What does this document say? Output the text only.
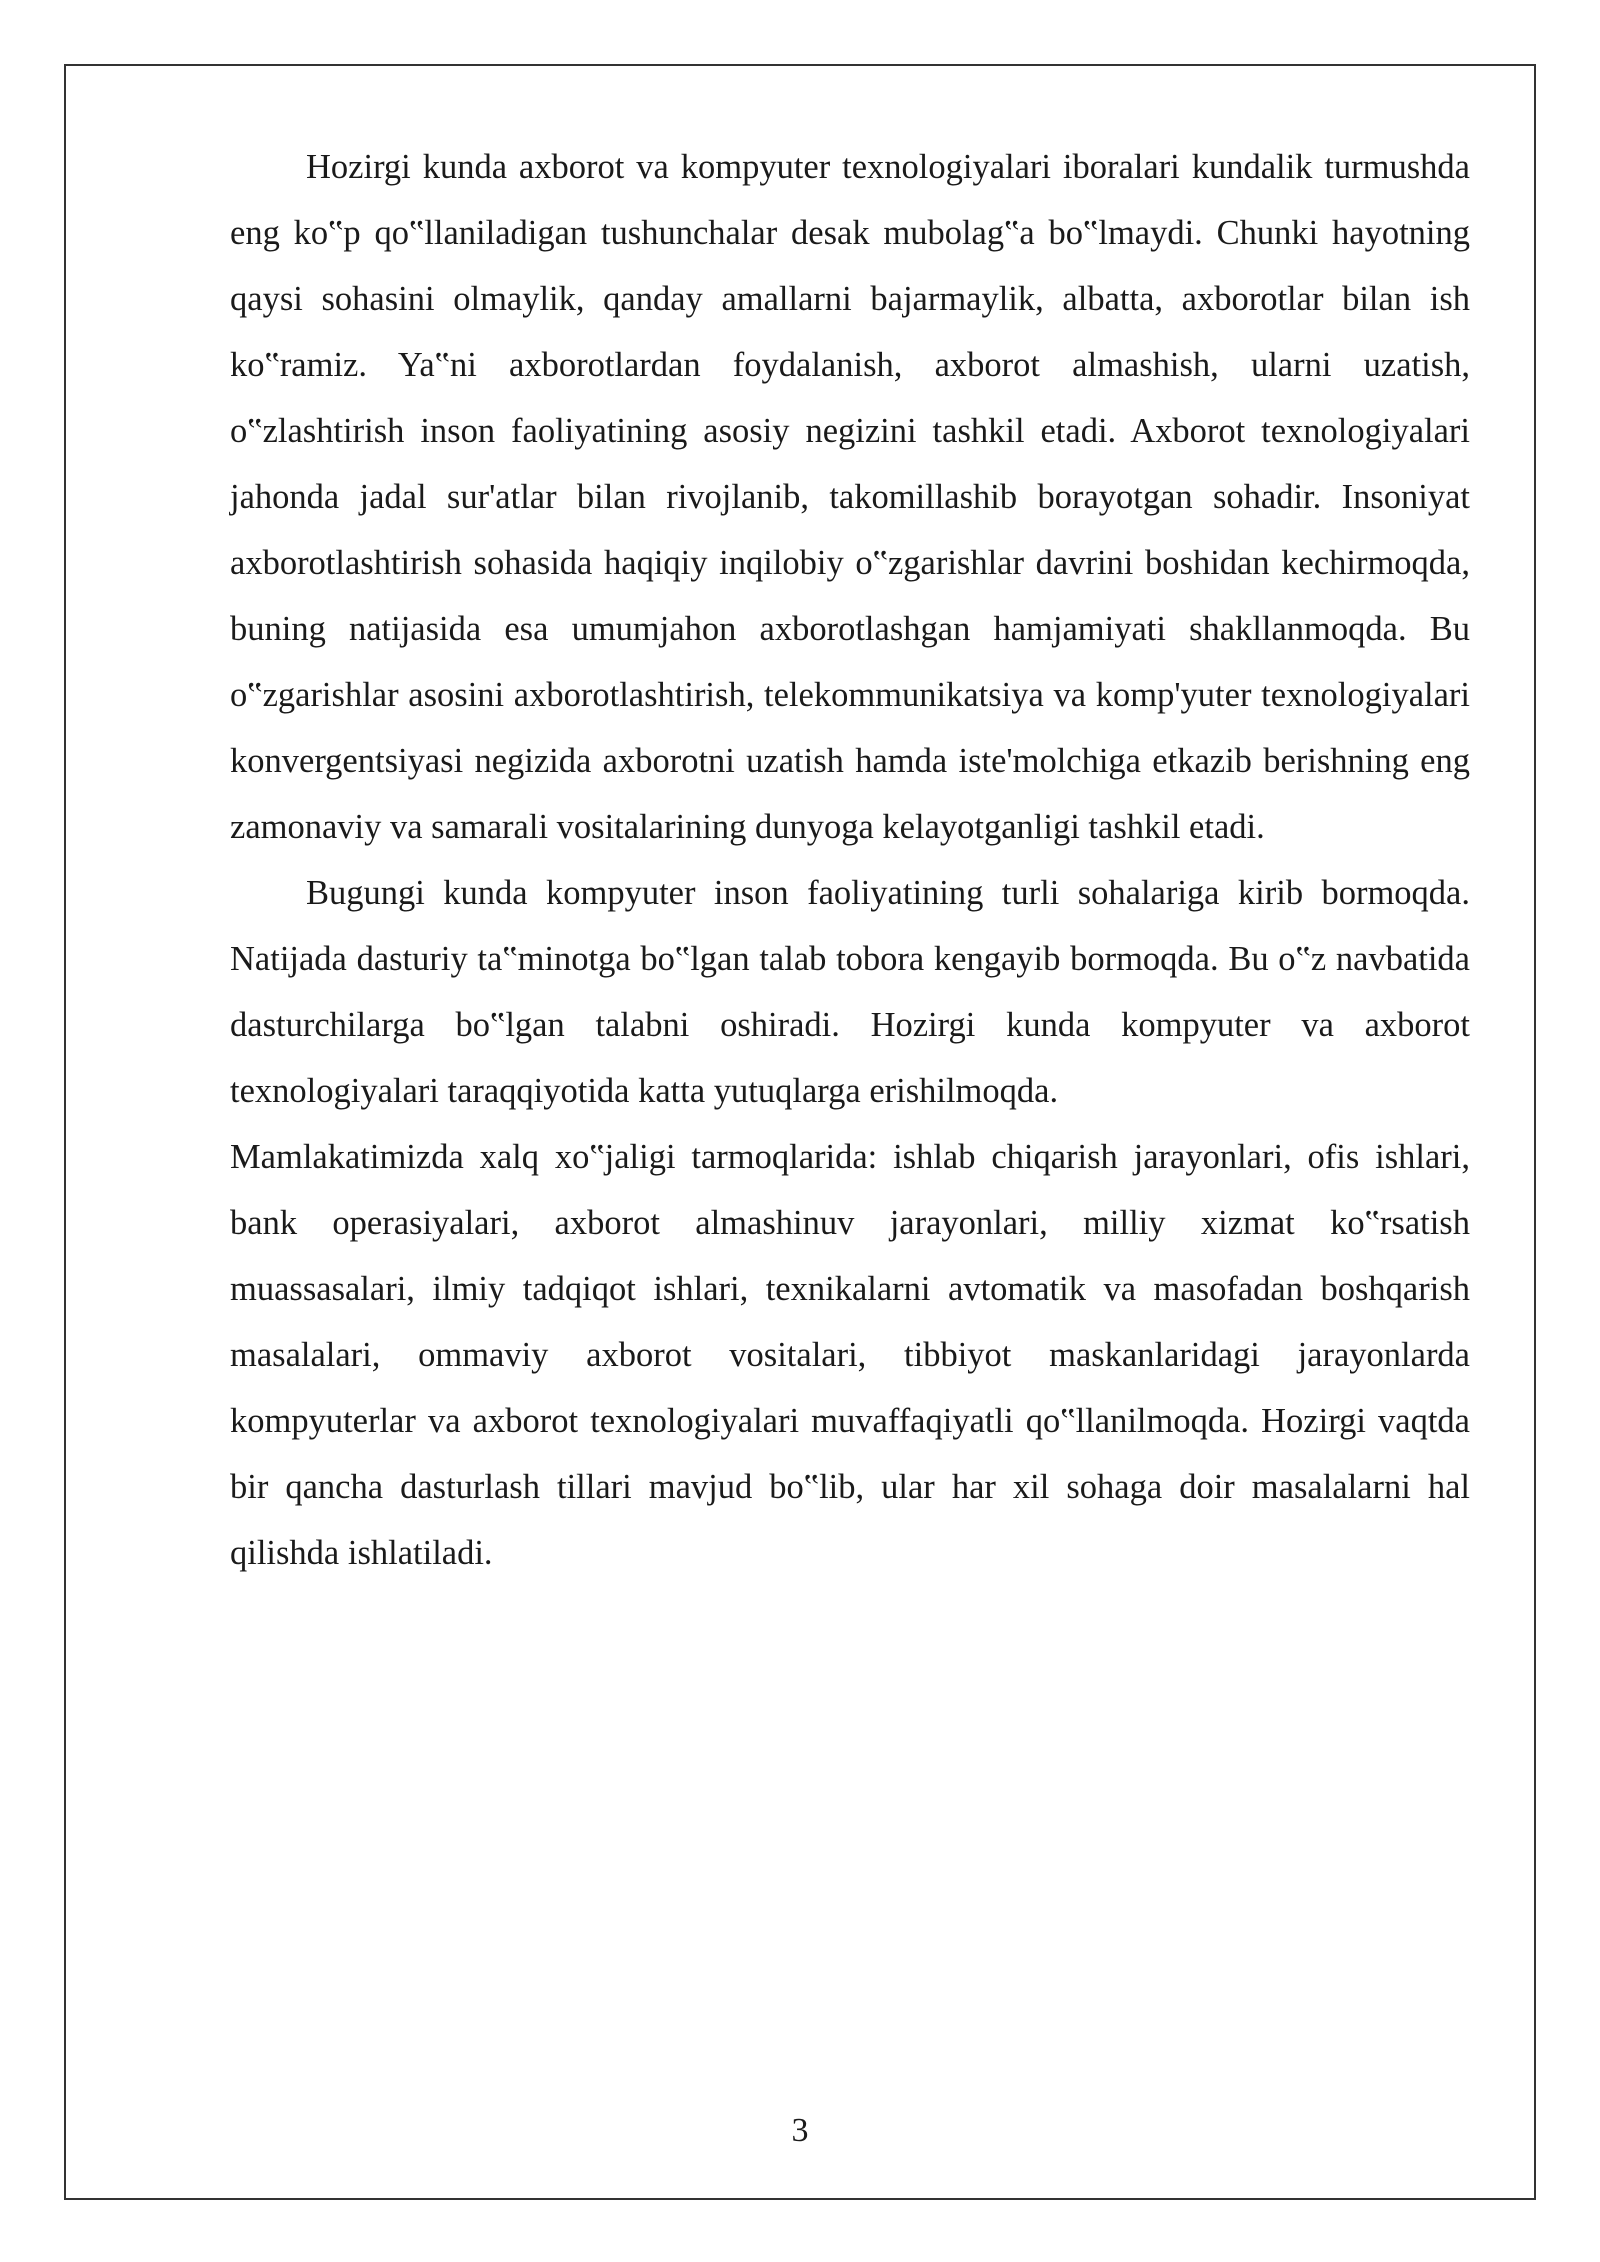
Hozirgi kunda axborot va kompyuter texnologiyalari iboralari kundalik turmushda eng ko‟p qo‟llaniladigan tushunchalar desak mubolag‟a bo‟lmaydi. Chunki hayotning qaysi sohasini olmaylik, qanday amallarni bajarmaylik, albatta, axborotlar bilan ish ko‟ramiz. Ya‟ni axborotlardan foydalanish, axborot almashish, ularni uzatish, o‟zlashtirish inson faoliyatining asosiy negizini tashkil etadi. Axborot texnologiyalari jahonda jadal sur'atlar bilan rivojlanib, takomillashib borayotgan sohadir. Insoniyat axborotlashtirish sohasida haqiqiy inqilobiy o‟zgarishlar davrini boshidan kechirmoqda, buning natijasida esa umumjahon axborotlashgan hamjamiyati shakllanmoqda. Bu o‟zgarishlar asosini axborotlashtirish, telekommunikatsiya va komp'yuter texnologiyalari konvergentsiyasi negizida axborotni uzatish hamda iste'molchiga etkazib berishning eng zamonaviy va samarali vositalarining dunyoga kelayotganligi tashkil etadi.

Bugungi kunda kompyuter inson faoliyatining turli sohalariga kirib bormoqda. Natijada dasturiy ta‟minotga bo‟lgan talab tobora kengayib bormoqda. Bu o‟z navbatida dasturchilarga bo‟lgan talabni oshiradi. Hozirgi kunda kompyuter va axborot texnologiyalari taraqqiyotida katta yutuqlarga erishilmoqda.

Mamlakatimizda xalq xo‟jaligi tarmoqlarida: ishlab chiqarish jarayonlari, ofis ishlari, bank operasiyalari, axborot almashinuv jarayonlari, milliy xizmat ko‟rsatish muassasalari, ilmiy tadqiqot ishlari, texnikalarni avtomatik va masofadan boshqarish masalalari, ommaviy axborot vositalari, tibbiyot maskanlaridagi jarayonlarda kompyuterlar va axborot texnologiyalari muvaffaqiyatli qo‟llanilmoqda. Hozirgi vaqtda bir qancha dasturlash tillari mavjud bo‟lib, ular har xil sohaga doir masalalarni hal qilishda ishlatiladi.

3
